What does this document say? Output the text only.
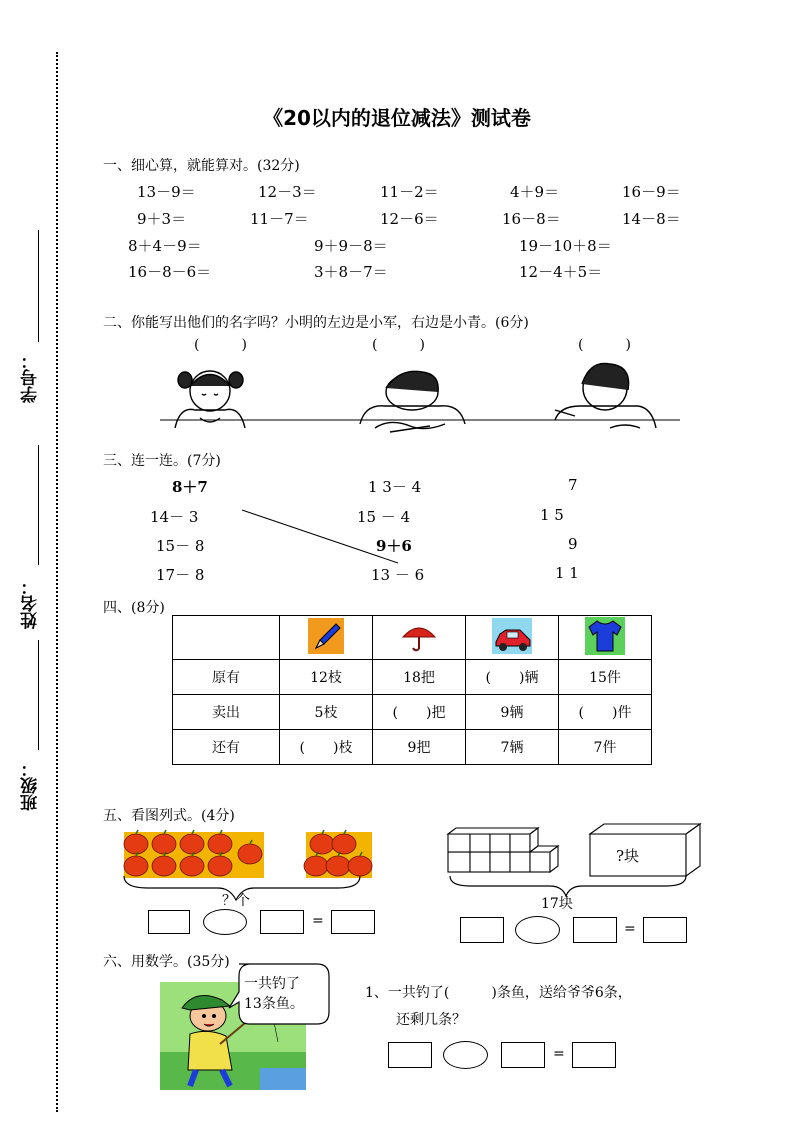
学号：
姓名：
班级：
《20以内的退位减法》测试卷
一、细心算，就能算对。(32分)
13－9＝	12－3＝	11－2＝	4＋9＝	16－9＝
9＋3＝	11－7＝	12－6＝	16－8＝	14－8＝
8＋4－9＝	9＋9－8＝	19－10＋8＝
16－8－6＝	3＋8－7＝	12－4＋5＝
二、你能写出他们的名字吗？小明的左边是小军，右边是小青。(6分)
(　　　)	(　　　)	(　　　)
三、连一连。(7分)
8＋7
14－ 3
15－ 8
17－ 8
1 3－ 4
15 － 4
9＋6
13 － 6
7
1 5
9
1 1
四、(8分)

原有	12枝	18把	(　　)辆	15件
卖出	5枝	(　　)把	9辆	(　　)件
还有	(　　)枝	9把	7辆	7件
五、看图列式。(4分)
？个
=
?块
17块
=
六、用数学。(35分)
一共钓了
13条鱼。
1、一共钓了(　　　)条鱼，送给爷爷6条，
还剩几条？
=
